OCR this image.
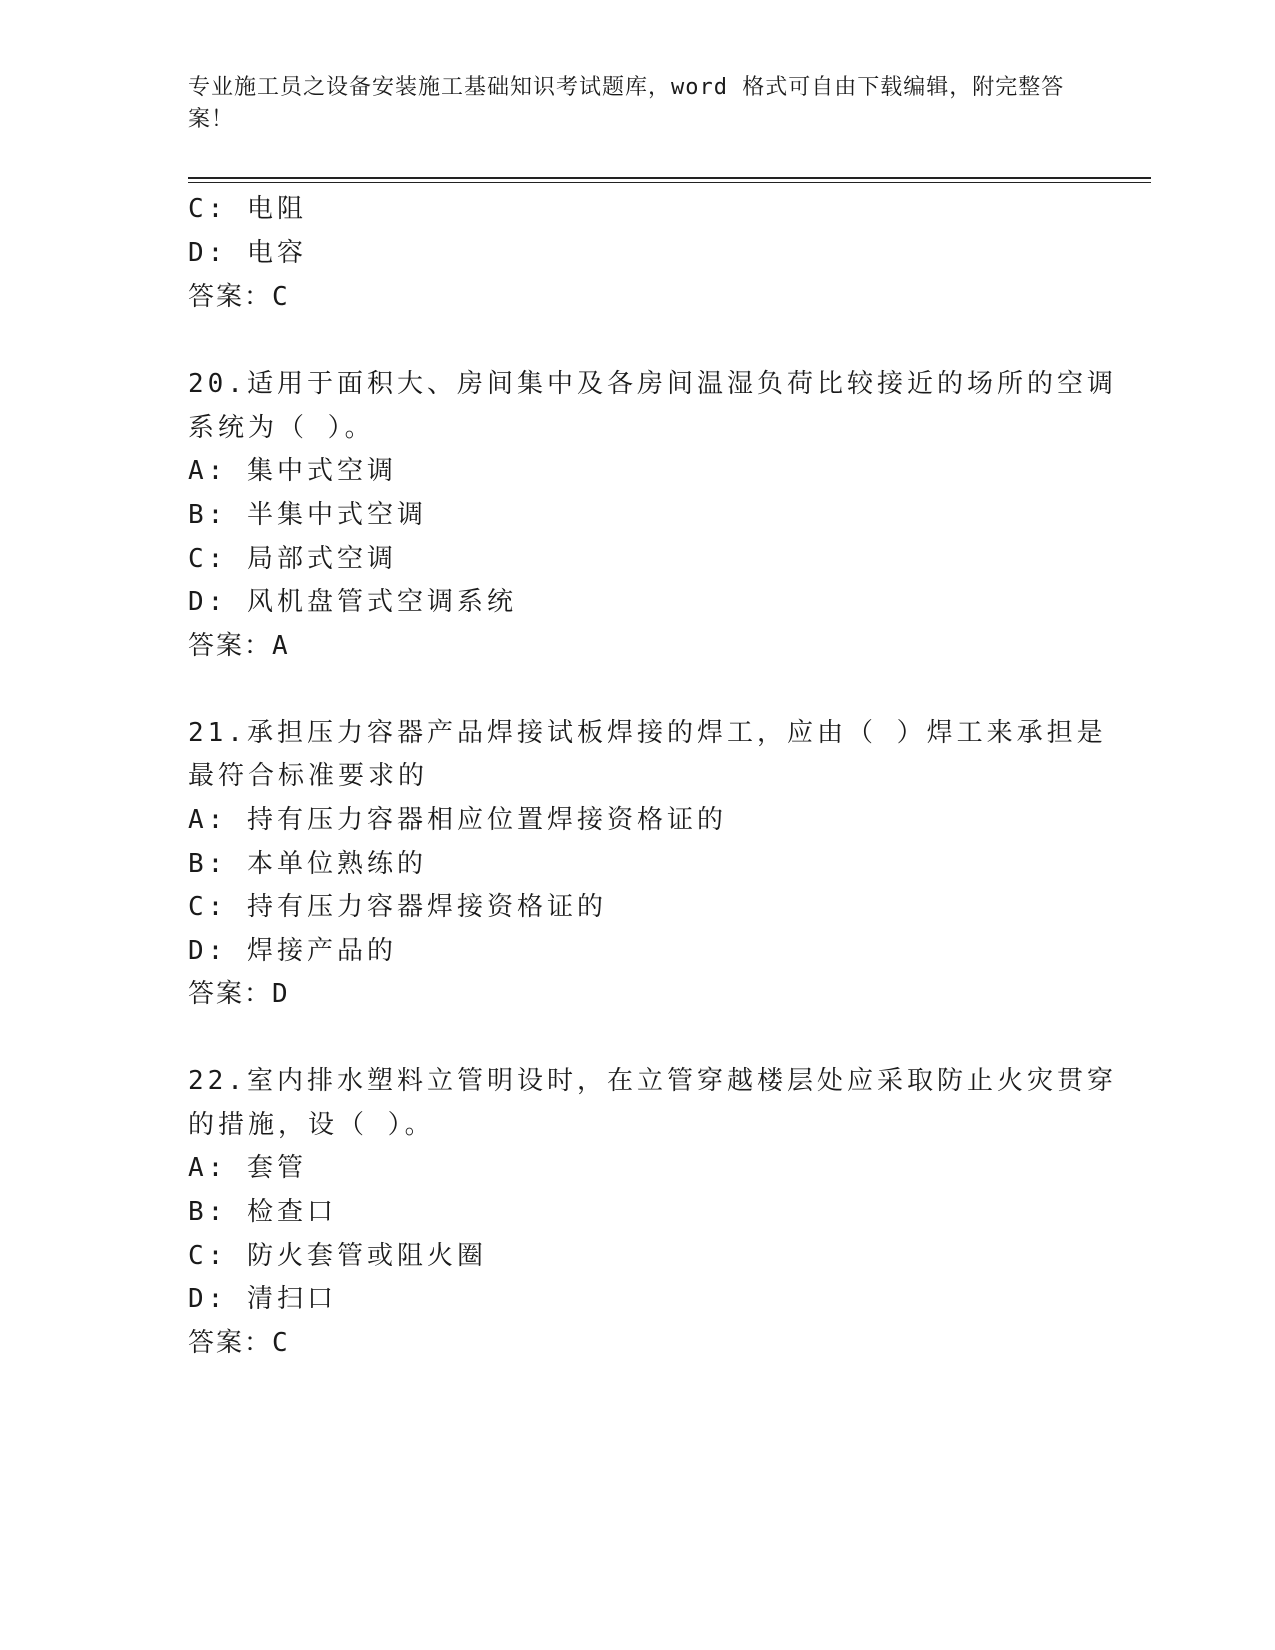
专业施工员之设备安装施工基础知识考试题库，word 格式可自由下载编辑，附完整答案！
C: 电阻
D: 电容
答案：C
20.适用于面积大、房间集中及各房间温湿负荷比较接近的场所的空调
系统为（ ）。
A: 集中式空调
B: 半集中式空调
C: 局部式空调
D: 风机盘管式空调系统
答案：A
21.承担压力容器产品焊接试板焊接的焊工，应由（ ）焊工来承担是
最符合标准要求的
A: 持有压力容器相应位置焊接资格证的
B: 本单位熟练的
C: 持有压力容器焊接资格证的
D: 焊接产品的
答案：D
22.室内排水塑料立管明设时，在立管穿越楼层处应采取防止火灾贯穿
的措施，设（ ）。
A: 套管
B: 检查口
C: 防火套管或阻火圈
D: 清扫口
答案：C
